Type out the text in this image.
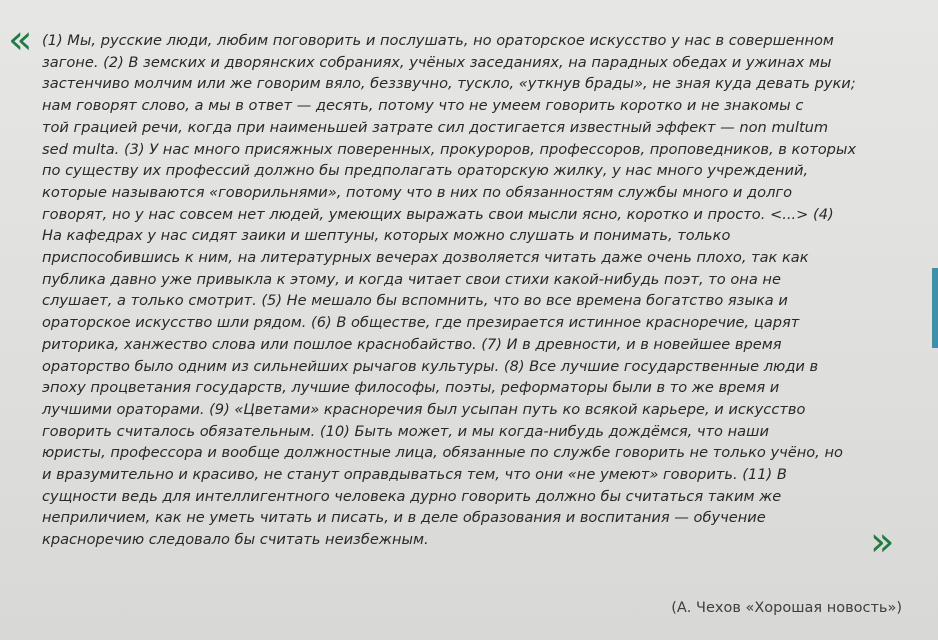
« (1) Мы, русские люди, любим поговорить и послушать, но ораторское искусство у нас в совершенном
загоне. (2) В земских и дворянских собраниях, учёных заседаниях, на парадных обедах и ужинах мы
застенчиво молчим или же говорим вяло, беззвучно, тускло, «уткнув брады», не зная куда девать руки;
нам говорят слово, а мы в ответ — десять, потому что не умеем говорить коротко и не знакомы с
той грацией речи, когда при наименьшей затрате сил достигается известный эффект — non multum
sed multa. (3) У нас много присяжных поверенных, прокуроров, профессоров, проповедников, в которых
по существу их профессий должно бы предполагать ораторскую жилку, у нас много учреждений,
которые называются «говорильнями», потому что в них по обязанностям службы много и долго
говорят, но у нас совсем нет людей, умеющих выражать свои мысли ясно, коротко и просто. <...> (4)
На кафедрах у нас сидят заики и шептуны, которых можно слушать и понимать, только
приспособившись к ним, на литературных вечерах дозволяется читать даже очень плохо, так как
публика давно уже привыкла к этому, и когда читает свои стихи какой-нибудь поэт, то она не
слушает, а только смотрит. (5) Не мешало бы вспомнить, что во все времена богатство языка и
ораторское искусство шли рядом. (6) В обществе, где презирается истинное красноречие, царят
риторика, ханжество слова или пошлое краснобайство. (7) И в древности, и в новейшее время
ораторство было одним из сильнейших рычагов культуры. (8) Все лучшие государственные люди в
эпоху процветания государств, лучшие философы, поэты, реформаторы были в то же время и
лучшими ораторами. (9) «Цветами» красноречия был усыпан путь ко всякой карьере, и искусство
говорить считалось обязательным. (10) Быть может, и мы когда-нибудь дождёмся, что наши
юристы, профессора и вообще должностные лица, обязанные по службе говорить не только учёно, но
и вразумительно и красиво, не станут оправдываться тем, что они «не умеют» говорить. (11) В
сущности ведь для интеллигентного человека дурно говорить должно бы считаться таким же
неприличием, как не уметь читать и писать, и в деле образования и воспитания — обучение
красноречию следовало бы считать неизбежным.	»
(А. Чехов «Хорошая новость»)
